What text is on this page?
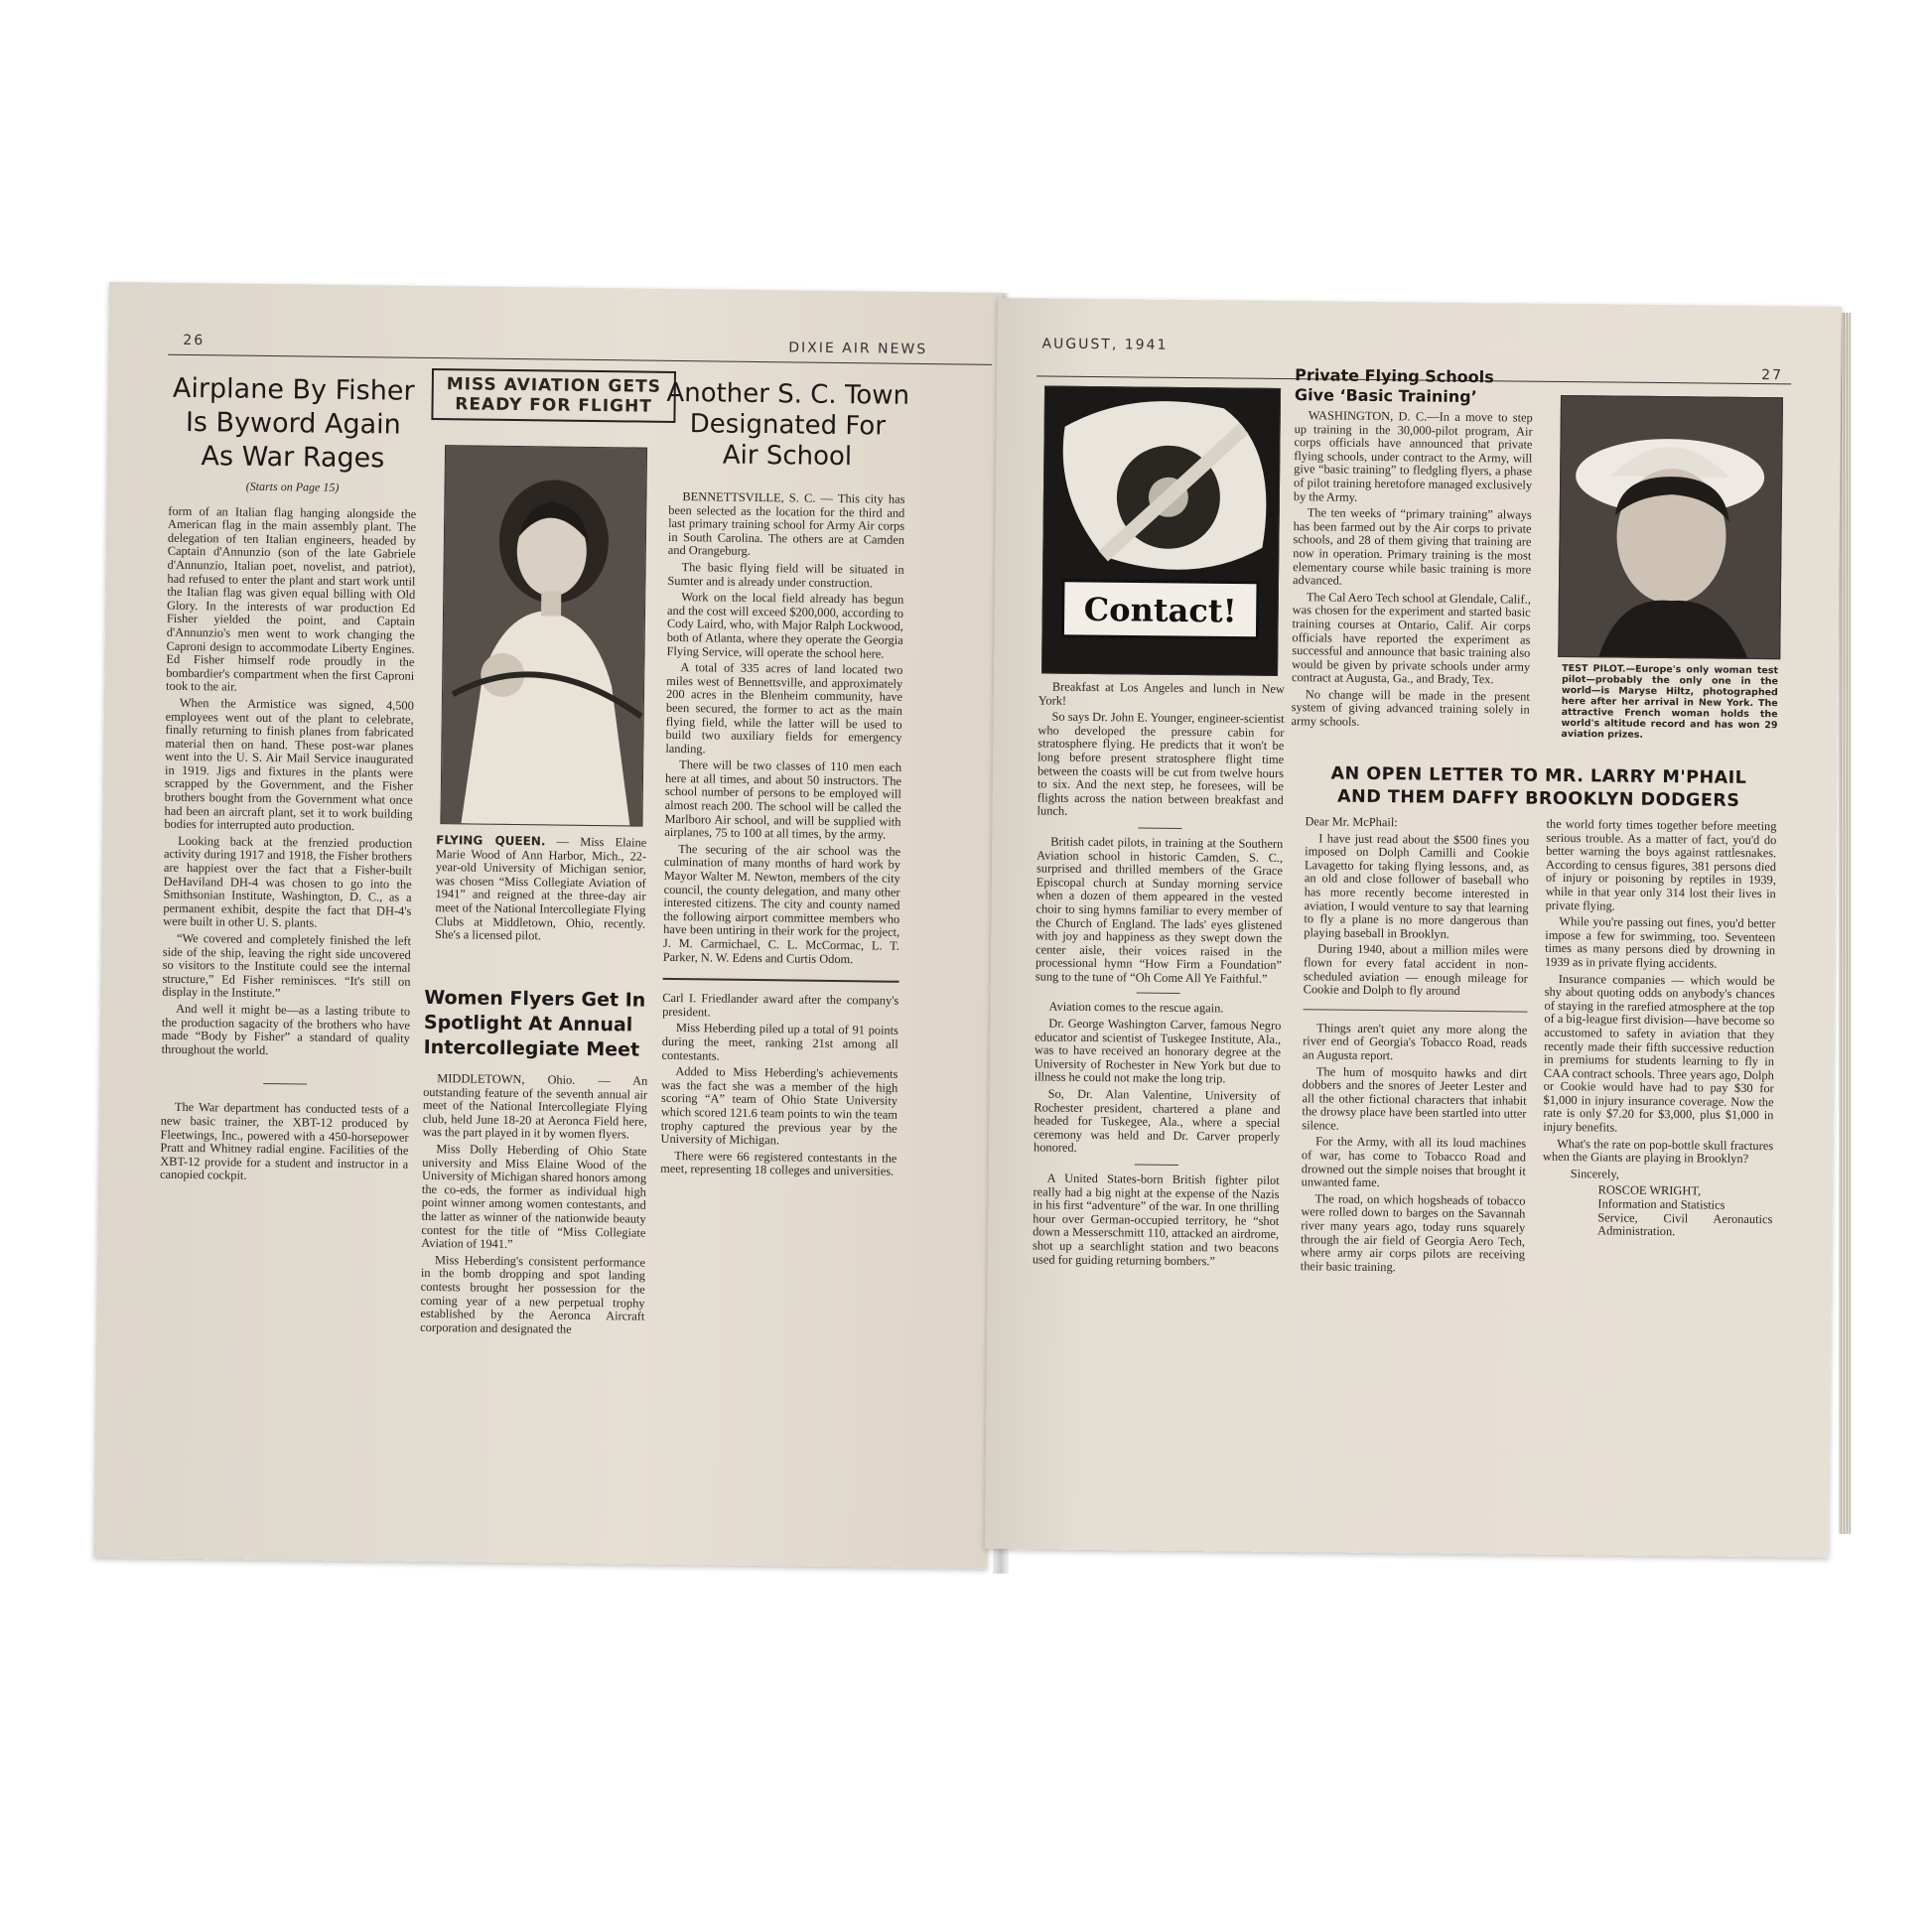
26	DIXIE AIR NEWS
Airplane By Fisher
Is Byword Again
As War Rages
(Starts on Page 15)

form of an Italian flag hanging alongside the American flag in the main assembly plant. The delegation of ten Italian engineers, headed by Captain d'Annunzio (son of the late Gabriele d'Annunzio, Italian poet, novelist, and patriot), had refused to enter the plant and start work until the Italian flag was given equal billing with Old Glory. In the interests of war production Ed Fisher yielded the point, and Captain d'Annunzio's men went to work changing the Caproni design to accommodate Liberty Engines. Ed Fisher himself rode proudly in the bombardier's compartment when the first Caproni took to the air.

When the Armistice was signed, 4,500 employees went out of the plant to celebrate, finally returning to finish planes from fabricated material then on hand. These post-war planes went into the U. S. Air Mail Service inaugurated in 1919. Jigs and fixtures in the plants were scrapped by the Government, and the Fisher brothers bought from the Government what once had been an aircraft plant, set it to work building bodies for interrupted auto production.

Looking back at the frenzied production activity during 1917 and 1918, the Fisher brothers are happiest over the fact that a Fisher-built DeHaviland DH-4 was chosen to go into the Smithsonian Institute, Washington, D. C., as a permanent exhibit, despite the fact that DH-4's were built in other U. S. plants.

“We covered and completely finished the left side of the ship, leaving the right side uncovered so visitors to the Institute could see the internal structure,” Ed Fisher reminisces. “It's still on display in the Institute.”

And well it might be—as a lasting tribute to the production sagacity of the brothers who have made “Body by Fisher” a standard of quality throughout the world.

The War department has conducted tests of a new basic trainer, the XBT-12 produced by Fleetwings, Inc., powered with a 450-horsepower Pratt and Whitney radial engine. Facilities of the XBT-12 provide for a student and instructor in a canopied cockpit.

MISS AVIATION GETS
READY FOR FLIGHT
FLYING QUEEN. — Miss Elaine Marie Wood of Ann Harbor, Mich., 22-year-old University of Michigan senior, was chosen “Miss Collegiate Aviation of 1941” and reigned at the three-day air meet of the National Intercollegiate Flying Clubs at Middletown, Ohio, recently. She's a licensed pilot.
Women Flyers Get In
Spotlight At Annual
Intercollegiate Meet

MIDDLETOWN, Ohio. — An outstanding feature of the seventh annual air meet of the National Intercollegiate Flying club, held June 18-20 at Aeronca Field here, was the part played in it by women flyers.

Miss Dolly Heberding of Ohio State university and Miss Elaine Wood of the University of Michigan shared honors among the co-eds, the former as individual high point winner among women contestants, and the latter as winner of the nationwide beauty contest for the title of “Miss Collegiate Aviation of 1941.”

Miss Heberding's consistent performance in the bomb dropping and spot landing contests brought her possession for the coming year of a new perpetual trophy established by the Aeronca Aircraft corporation and designated the

Another S. C. Town
Designated For
Air School

BENNETTSVILLE, S. C. — This city has been selected as the location for the third and last primary training school for Army Air corps in South Carolina. The others are at Camden and Orangeburg.

The basic flying field will be situated in Sumter and is already under construction.

Work on the local field already has begun and the cost will exceed $200,000, according to Cody Laird, who, with Major Ralph Lockwood, both of Atlanta, where they operate the Georgia Flying Service, will operate the school here.

A total of 335 acres of land located two miles west of Bennettsville, and approximately 200 acres in the Blenheim community, have been secured, the former to act as the main flying field, while the latter will be used to build two auxiliary fields for emergency landing.

There will be two classes of 110 men each here at all times, and about 50 instructors. The school number of persons to be employed will almost reach 200. The school will be called the Marlboro Air school, and will be supplied with airplanes, 75 to 100 at all times, by the army.

The securing of the air school was the culmination of many months of hard work by Mayor Walter M. Newton, members of the city council, the county delegation, and many other interested citizens. The city and county named the following airport committee members who have been untiring in their work for the project, J. M. Carmichael, C. L. McCormac, L. T. Parker, N. W. Edens and Curtis Odom.

Carl I. Friedlander award after the company's president.

Miss Heberding piled up a total of 91 points during the meet, ranking 21st among all contestants.

Added to Miss Heberding's achievements was the fact she was a member of the high scoring “A” team of Ohio State University which scored 121.6 team points to win the team trophy captured the previous year by the University of Michigan.

There were 66 registered contestants in the meet, representing 18 colleges and universities.

AUGUST, 1941
27
Contact!

Breakfast at Los Angeles and lunch in New York!

So says Dr. John E. Younger, engineer-scientist who developed the pressure cabin for stratosphere flying. He predicts that it won't be long before present stratosphere flight time between the coasts will be cut from twelve hours to six. And the next step, he foresees, will be flights across the nation between breakfast and lunch.

British cadet pilots, in training at the Southern Aviation school in historic Camden, S. C., surprised and thrilled members of the Grace Episcopal church at Sunday morning service when a dozen of them appeared in the vested choir to sing hymns familiar to every member of the Church of England. The lads' eyes glistened with joy and happiness as they swept down the center aisle, their voices raised in the processional hymn “How Firm a Foundation” sung to the tune of “Oh Come All Ye Faithful.”

Aviation comes to the rescue again.

Dr. George Washington Carver, famous Negro educator and scientist of Tuskegee Institute, Ala., was to have received an honorary degree at the University of Rochester in New York but due to illness he could not make the long trip.

So, Dr. Alan Valentine, University of Rochester president, chartered a plane and headed for Tuskegee, Ala., where a special ceremony was held and Dr. Carver properly honored.

A United States-born British fighter pilot really had a big night at the expense of the Nazis in his first “adventure” of the war. In one thrilling hour over German-occupied territory, he “shot down a Messerschmitt 110, attacked an airdrome, shot up a searchlight station and two beacons used for guiding returning bombers.”

Private Flying Schools
Give ‘Basic Training’

WASHINGTON, D. C.—In a move to step up training in the 30,000-pilot program, Air corps officials have announced that private flying schools, under contract to the Army, will give “basic training” to fledgling flyers, a phase of pilot training heretofore managed exclusively by the Army.

The ten weeks of “primary training” always has been farmed out by the Air corps to private schools, and 28 of them giving that training are now in operation. Primary training is the most elementary course while basic training is more advanced.

The Cal Aero Tech school at Glendale, Calif., was chosen for the experiment and started basic training courses at Ontario, Calif. Air corps officials have reported the experiment as successful and announce that basic training also would be given by private schools under army contract at Augusta, Ga., and Brady, Tex.

No change will be made in the present system of giving advanced training solely in army schools.

TEST PILOT.—Europe's only woman test pilot—probably the only one in the world—is Maryse Hiltz, photographed here after her arrival in New York. The attractive French woman holds the world's altitude record and has won 29 aviation prizes.
AN OPEN LETTER TO MR. LARRY M'PHAIL
AND THEM DAFFY BROOKLYN DODGERS

Dear Mr. McPhail:

I have just read about the $500 fines you imposed on Dolph Camilli and Cookie Lavagetto for taking flying lessons, and, as an old and close follower of baseball who has more recently become interested in aviation, I would venture to say that learning to fly a plane is no more dangerous than playing baseball in Brooklyn.

During 1940, about a million miles were flown for every fatal accident in non-scheduled aviation — enough mileage for Cookie and Dolph to fly around

Things aren't quiet any more along the river end of Georgia's Tobacco Road, reads an Augusta report.

The hum of mosquito hawks and dirt dobbers and the snores of Jeeter Lester and all the other fictional characters that inhabit the drowsy place have been startled into utter silence.

For the Army, with all its loud machines of war, has come to Tobacco Road and drowned out the simple noises that brought it unwanted fame.

The road, on which hogsheads of tobacco were rolled down to barges on the Savannah river many years ago, today runs squarely through the air field of Georgia Aero Tech, where army air corps pilots are receiving their basic training.

the world forty times together before meeting serious trouble. As a matter of fact, you'd do better warning the boys against rattlesnakes. According to census figures, 381 persons died of injury or poisoning by reptiles in 1939, while in that year only 314 lost their lives in private flying.

While you're passing out fines, you'd better impose a few for swimming, too. Seventeen times as many persons died by drowning in 1939 as in private flying accidents.

Insurance companies — which would be shy about quoting odds on anybody's chances of staying in the rarefied atmosphere at the top of a big-league first division—have become so accustomed to safety in aviation that they recently made their fifth successive reduction in premiums for students learning to fly in CAA contract schools. Three years ago, Dolph or Cookie would have had to pay $30 for $1,000 in injury insurance coverage. Now the rate is only $7.20 for $3,000, plus $1,000 in injury benefits.

What's the rate on pop-bottle skull fractures when the Giants are playing in Brooklyn?

Sincerely,

ROSCOE WRIGHT,
Information and Statistics
Service, Civil Aeronautics Administration.
